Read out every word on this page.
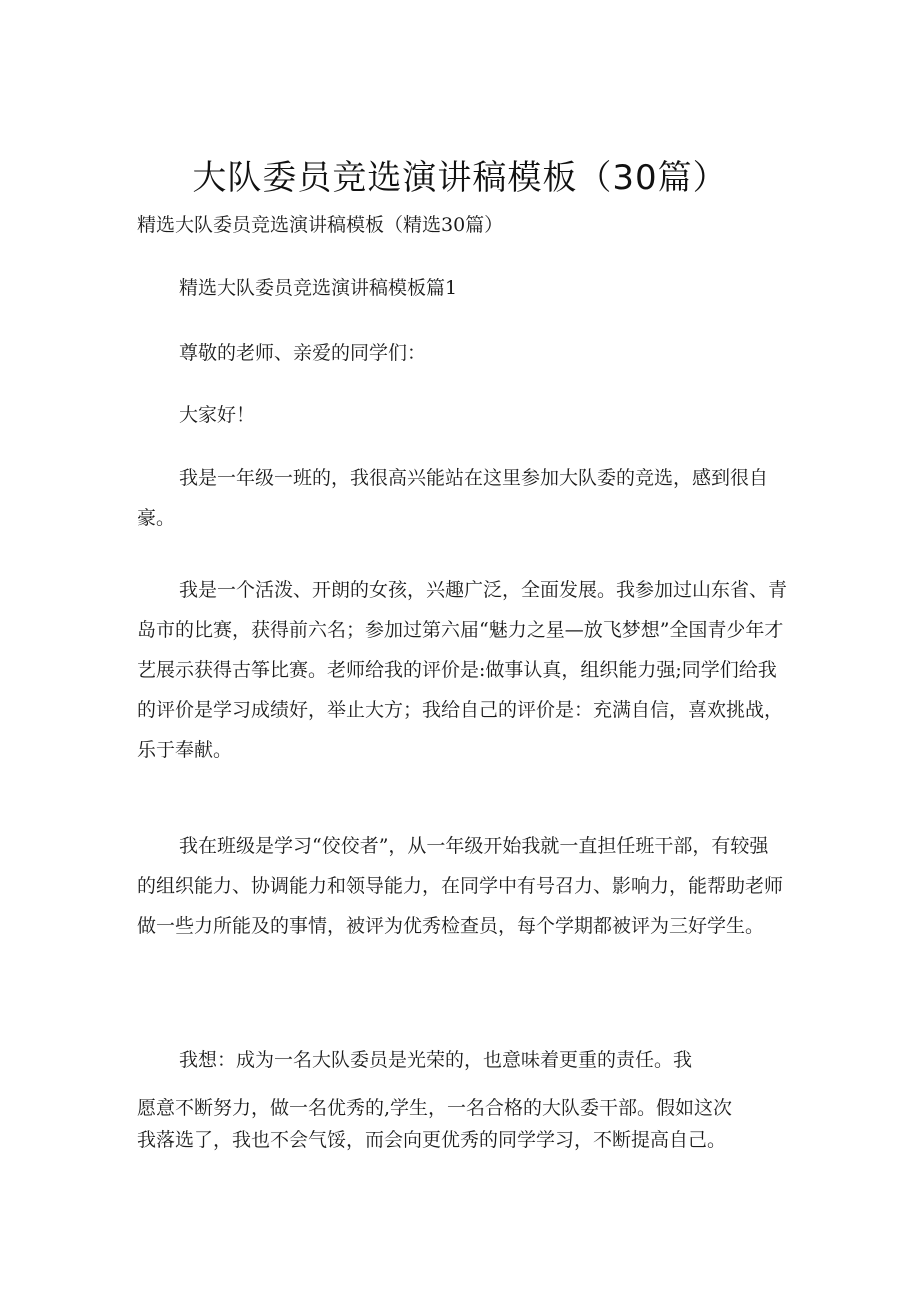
大队委员竞选演讲稿模板（30篇）
精选大队委员竞选演讲稿模板（精选30篇）
精选大队委员竞选演讲稿模板篇1
尊敬的老师、亲爱的同学们：
大家好！
我是一年级一班的，我很高兴能站在这里参加大队委的竞选，感到很自豪。
我是一个活泼、开朗的女孩，兴趣广泛，全面发展。我参加过山东省、青岛市的比赛，获得前六名；参加过第六届“魅力之星—放飞梦想”全国青少年才艺展示获得古筝比赛。老师给我的评价是:做事认真，组织能力强;同学们给我的评价是学习成绩好，举止大方；我给自己的评价是：充满自信，喜欢挑战，乐于奉献。
我在班级是学习“佼佼者”，从一年级开始我就一直担任班干部，有较强的组织能力、协调能力和领导能力，在同学中有号召力、影响力，能帮助老师做一些力所能及的事情，被评为优秀检查员，每个学期都被评为三好学生。
我想：成为一名大队委员是光荣的，也意味着更重的责任。我
愿意不断努力，做一名优秀的,学生，一名合格的大队委干部。假如这次
我落选了，我也不会气馁，而会向更优秀的同学学习，不断提高自己。
